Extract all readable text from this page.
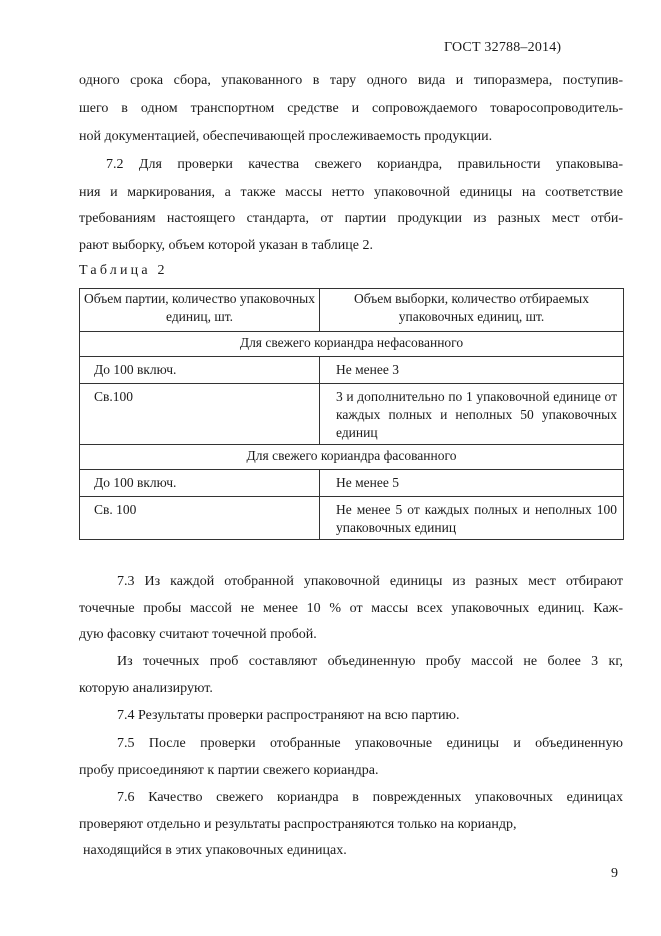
ГОСТ 32788–2014)
одного срока сбора, упакованного в тару одного вида и типоразмера, поступив-
шего в одном транспортном средстве и сопровождаемого товаросопроводитель-
ной документацией, обеспечивающей прослеживаемость продукции.
7.2 Для проверки качества свежего кориандра, правильности упаковыва-
ния и маркирования, а также массы нетто упаковочной единицы на соответствие
требованиям настоящего стандарта, от партии продукции из разных мест отби-
рают выборку, объем которой указан в таблице 2.
Таблица 2
Объем партии, количество упаковочных единиц, шт.	Объем выборки, количество отбираемых упаковочных единиц, шт.
Для свежего кориандра нефасованного	
До 100 включ.	Не менее 3
Св.100	3 и дополнительно по 1 упаковочной единице от каждых полных и неполных 50 упаковочных единиц
Для свежего кориандра фасованного	
До 100 включ.	Не менее 5
Св. 100	Не менее 5 от каждых полных и неполных 100 упаковочных единиц
7.3 Из каждой отобранной упаковочной единицы из разных мест отбирают
точечные пробы массой не менее 10 % от массы всех упаковочных единиц. Каж-
дую фасовку считают точечной пробой.
Из точечных проб составляют объединенную пробу массой не более 3 кг,
которую анализируют.
7.4 Результаты проверки распространяют на всю партию.
7.5 После проверки отобранные упаковочные единицы и объединенную
пробу присоединяют к партии свежего кориандра.
7.6 Качество свежего кориандра в поврежденных упаковочных единицах
проверяют отдельно и результаты распространяются только на кориандр,
находящийся в этих упаковочных единицах.
9
